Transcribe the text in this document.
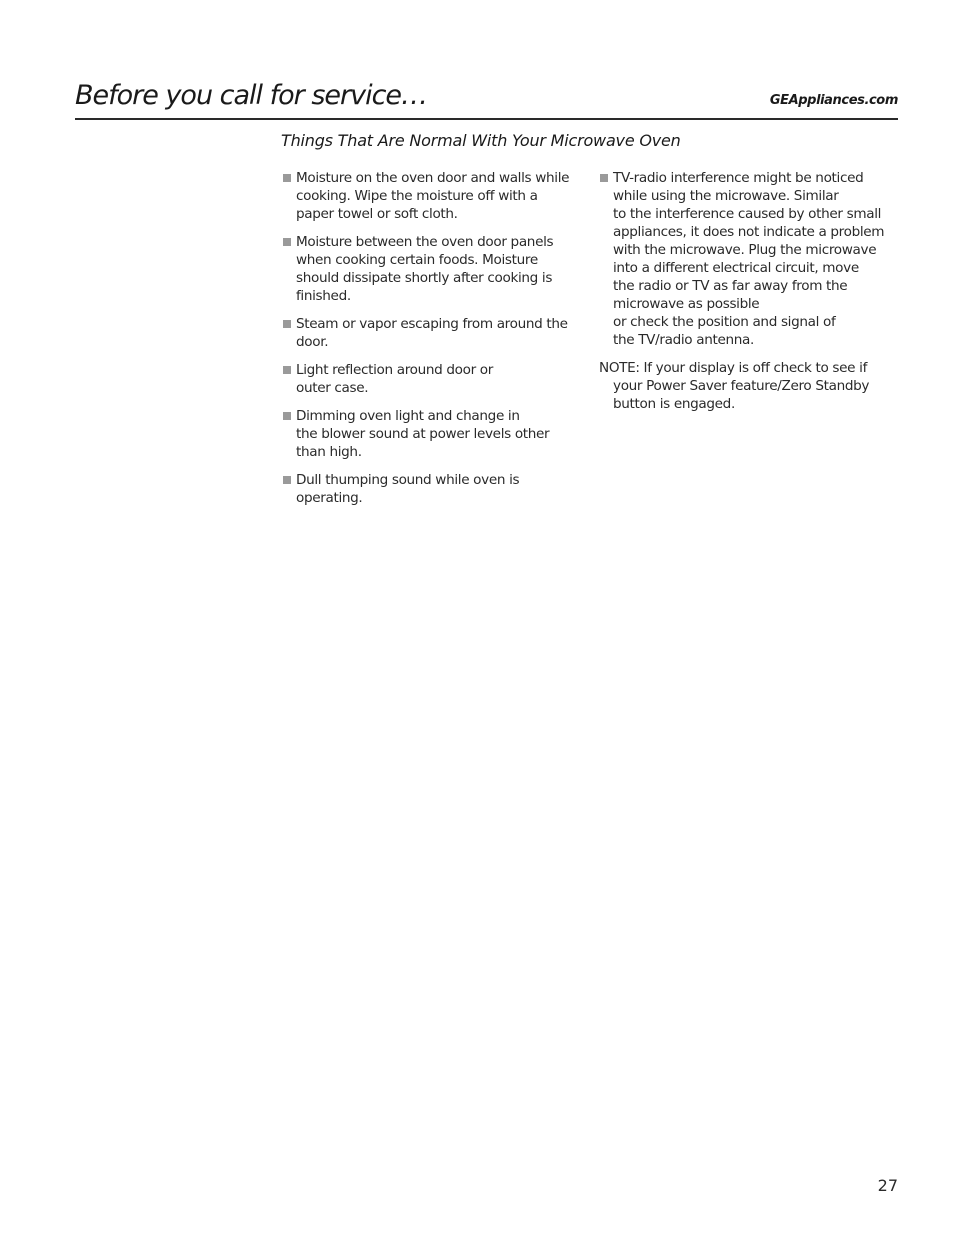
Before you call for service…	GEAppliances.com
Things That Are Normal With Your Microwave Oven
Moisture on the oven door and walls while
cooking. Wipe the moisture off with a
paper towel or soft cloth.
Moisture between the oven door panels
when cooking certain foods. Moisture
should dissipate shortly after cooking is
finished.
Steam or vapor escaping from around the
door.
Light reflection around door or
outer case.
Dimming oven light and change in
the blower sound at power levels other
than high.
Dull thumping sound while oven is
operating.
TV-radio interference might be noticed
while using the microwave. Similar
to the interference caused by other small
appliances, it does not indicate a problem
with the microwave. Plug the microwave
into a different electrical circuit, move
the radio or TV as far away from the
microwave as possible
or check the position and signal of
the TV/radio antenna.
NOTE: If your display is off check to see if
your Power Saver feature/Zero Standby
button is engaged.
27
